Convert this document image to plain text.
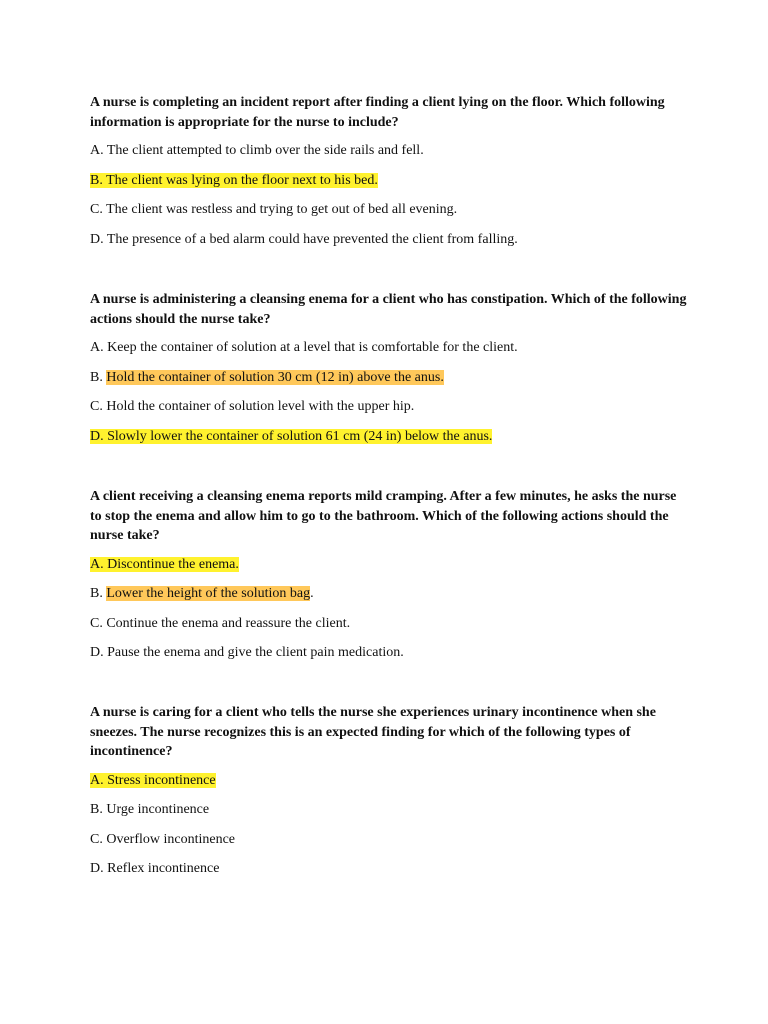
A nurse is completing an incident report after finding a client lying on the floor. Which following information is appropriate for the nurse to include?

A. The client attempted to climb over the side rails and fell.
B. The client was lying on the floor next to his bed.
C. The client was restless and trying to get out of bed all evening.
D. The presence of a bed alarm could have prevented the client from falling.

A nurse is administering a cleansing enema for a client who has constipation. Which of the following actions should the nurse take?

A. Keep the container of solution at a level that is comfortable for the client.
B. Hold the container of solution 30 cm (12 in) above the anus.
C. Hold the container of solution level with the upper hip.
D. Slowly lower the container of solution 61 cm (24 in) below the anus.

A client receiving a cleansing enema reports mild cramping. After a few minutes, he asks the nurse to stop the enema and allow him to go to the bathroom. Which of the following actions should the nurse take?

A. Discontinue the enema.
B. Lower the height of the solution bag.
C. Continue the enema and reassure the client.
D. Pause the enema and give the client pain medication.

A nurse is caring for a client who tells the nurse she experiences urinary incontinence when she sneezes. The nurse recognizes this is an expected finding for which of the following types of incontinence?

A. Stress incontinence
B. Urge incontinence
C. Overflow incontinence
D. Reflex incontinence
